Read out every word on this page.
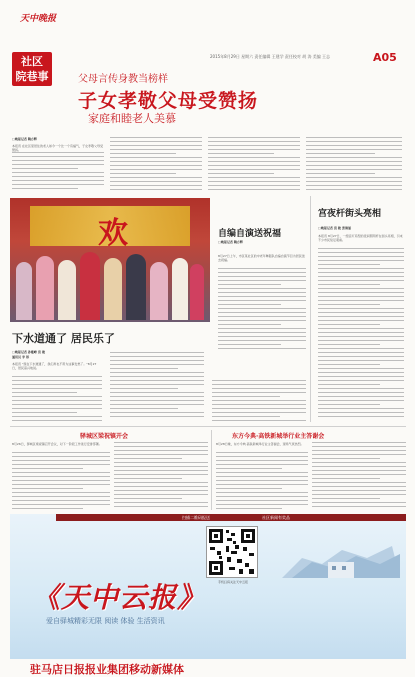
天中晚报
社区
院巷事
2015年8月29日 星期六 责任编辑 王建学 责任校对 胡 涛 美编 王志	A05
父母言传身教当榜样
子女孝敬父母受赞扬
家庭和睦老人美慕
□晚报记者 陶方辉
本报讯 在社区里居住的老人如今一个比一个有福气，子女孝敬父母受赞扬。
欢	自编自演送祝福
□晚报记者 陶方辉
8月27日上午，市区某社区的中老年舞蹈队自编自演节目为居民送去祝福。
宫夜杆街头亮相
□晚报记者 贾 骏 张海浦
本报讯 8月27日，一组宫灯造型的夜间照明杆在街头亮相，引来不少市民驻足观看。
下水道通了 居民乐了
□晚报记者 孙维峰 贾 骏
通讯员 李 婷
本报讯 "现在下水道通了，我们再也不用为这事发愁了。"8月27日，居民高兴地说。
驿城区梁祝镇开会
8月26日，驿城区梁祝镇召开会议，对下一阶段工作进行安排部署。
东方今典·高铁新城举行业主答谢会
8月28日晚，东方今典·高铁新城举行业主答谢会，现场气氛热烈。
扫描二维码报送	社区新闻有奖品
手机扫码关注天中云报
《天中云报》
爱自驿城精彩无限 阅读 体验 生活资讯
驻马店日报报业集团移动新媒体
